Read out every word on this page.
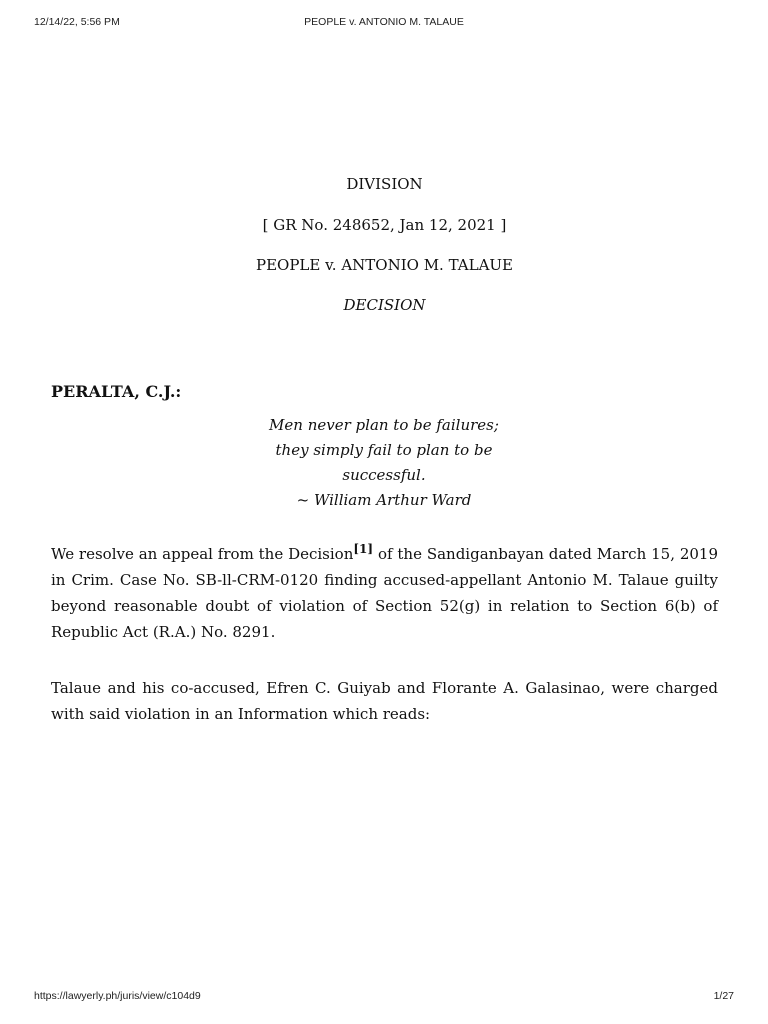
12/14/22, 5:56 PM	PEOPLE v. ANTONIO M. TALAUE
DIVISION
[ GR No. 248652, Jan 12, 2021 ]
PEOPLE v. ANTONIO M. TALAUE
DECISION
PERALTA, C.J.:
Men never plan to be failures;
they simply fail to plan to be
successful.
~ William Arthur Ward

We resolve an appeal from the Decision[1] of the Sandiganbayan dated March 15, 2019 in Crim. Case No. SB-ll-CRM-0120 finding accused-appellant Antonio M. Talaue guilty beyond reasonable doubt of violation of Section 52(g) in relation to Section 6(b) of Republic Act (R.A.) No. 8291.

Talaue and his co-accused, Efren C. Guiyab and Florante A. Galasinao, were charged with said violation in an Information which reads:

https://lawyerly.ph/juris/view/c104d9	1/27
